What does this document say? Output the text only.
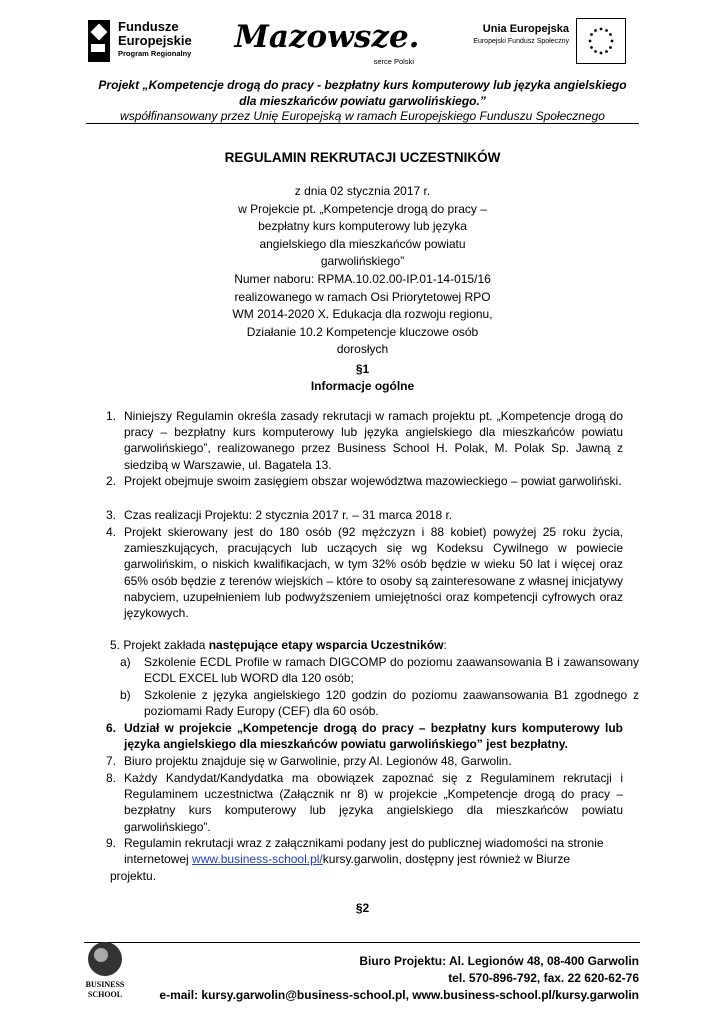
Fundusze
Europejskie
Program Regionalny Mazowsze.
serce Polski
Unia Europejska
Europejski Fundusz Społeczny
Projekt „Kompetencje drogą do pracy - bezpłatny kurs komputerowy lub języka angielskiego
dla mieszkańców powiatu garwolińskiego.”
współfinansowany przez Unię Europejską w ramach Europejskiego Funduszu Społecznego
REGULAMIN REKRUTACJI UCZESTNIKÓW
z dnia 02 stycznia 2017 r.
w Projekcie pt. „Kompetencje drogą do pracy –
bezpłatny kurs komputerowy lub języka
angielskiego dla mieszkańców powiatu
garwolińskiego”
Numer naboru: RPMA.10.02.00-IP.01-14-015/16
realizowanego w ramach Osi Priorytetowej RPO
WM 2014-2020 X. Edukacja dla rozwoju regionu,
Działanie 10.2 Kompetencje kluczowe osób
dorosłych
§1
Informacje ogólne
1. Niniejszy Regulamin określa zasady rekrutacji w ramach projektu pt. „Kompetencje drogą do pracy – bezpłatny kurs komputerowy lub języka angielskiego dla mieszkańców powiatu garwolińskiego”, realizowanego przez Business School H. Polak, M. Polak Sp. Jawną z siedzibą w Warszawie, ul. Bagatela 13.
2. Projekt obejmuje swoim zasięgiem obszar województwa mazowieckiego – powiat garwoliński.
3. Czas realizacji Projektu: 2 stycznia 2017 r. – 31 marca 2018 r.
4. Projekt skierowany jest do 180 osób (92 mężczyzn i 88 kobiet) powyżej 25 roku życia, zamieszkujących, pracujących lub uczących się wg Kodeksu Cywilnego w powiecie garwolińskim, o niskich kwalifikacjach, w tym 32% osób będzie w wieku 50 lat i więcej oraz 65% osób będzie z terenów wiejskich – które to osoby są zainteresowane z własnej inicjatywy nabyciem, uzupełnieniem lub podwyższeniem umiejętności oraz kompetencji cyfrowych oraz językowych.
5. Projekt zakłada następujące etapy wsparcia Uczestników:
a) Szkolenie ECDL Profile w ramach DIGCOMP do poziomu zaawansowania B i zawansowany ECDL EXCEL lub WORD dla 120 osób;
b) Szkolenie z języka angielskiego 120 godzin do poziomu zaawansowania B1 zgodnego z poziomami Rady Europy (CEF) dla 60 osób.
6. Udział w projekcie „Kompetencje drogą do pracy – bezpłatny kurs komputerowy lub języka angielskiego dla mieszkańców powiatu garwolińskiego” jest bezpłatny.
7. Biuro projektu znajduje się w Garwolinie, przy Al. Legionów 48, Garwolin.
8. Każdy Kandydat/Kandydatka ma obowiązek zapoznać się z Regulaminem rekrutacji i Regulaminem uczestnictwa (Załącznik nr 8) w projekcie „Kompetencje drogą do pracy – bezpłatny kurs komputerowy lub języka angielskiego dla mieszkańców powiatu garwolińskiego”.
9. Regulamin rekrutacji wraz z załącznikami podany jest do publicznej wiadomości na stronie
internetowej www.business-school.pl/kursy.garwolin, dostępny jest również w Biurze
projektu.
§2
BUSINESS
SCHOOL
Biuro Projektu: Al. Legionów 48, 08-400 Garwolin
tel. 570-896-792, fax. 22 620-62-76
e-mail: kursy.garwolin@business-school.pl, www.business-school.pl/kursy.garwolin
